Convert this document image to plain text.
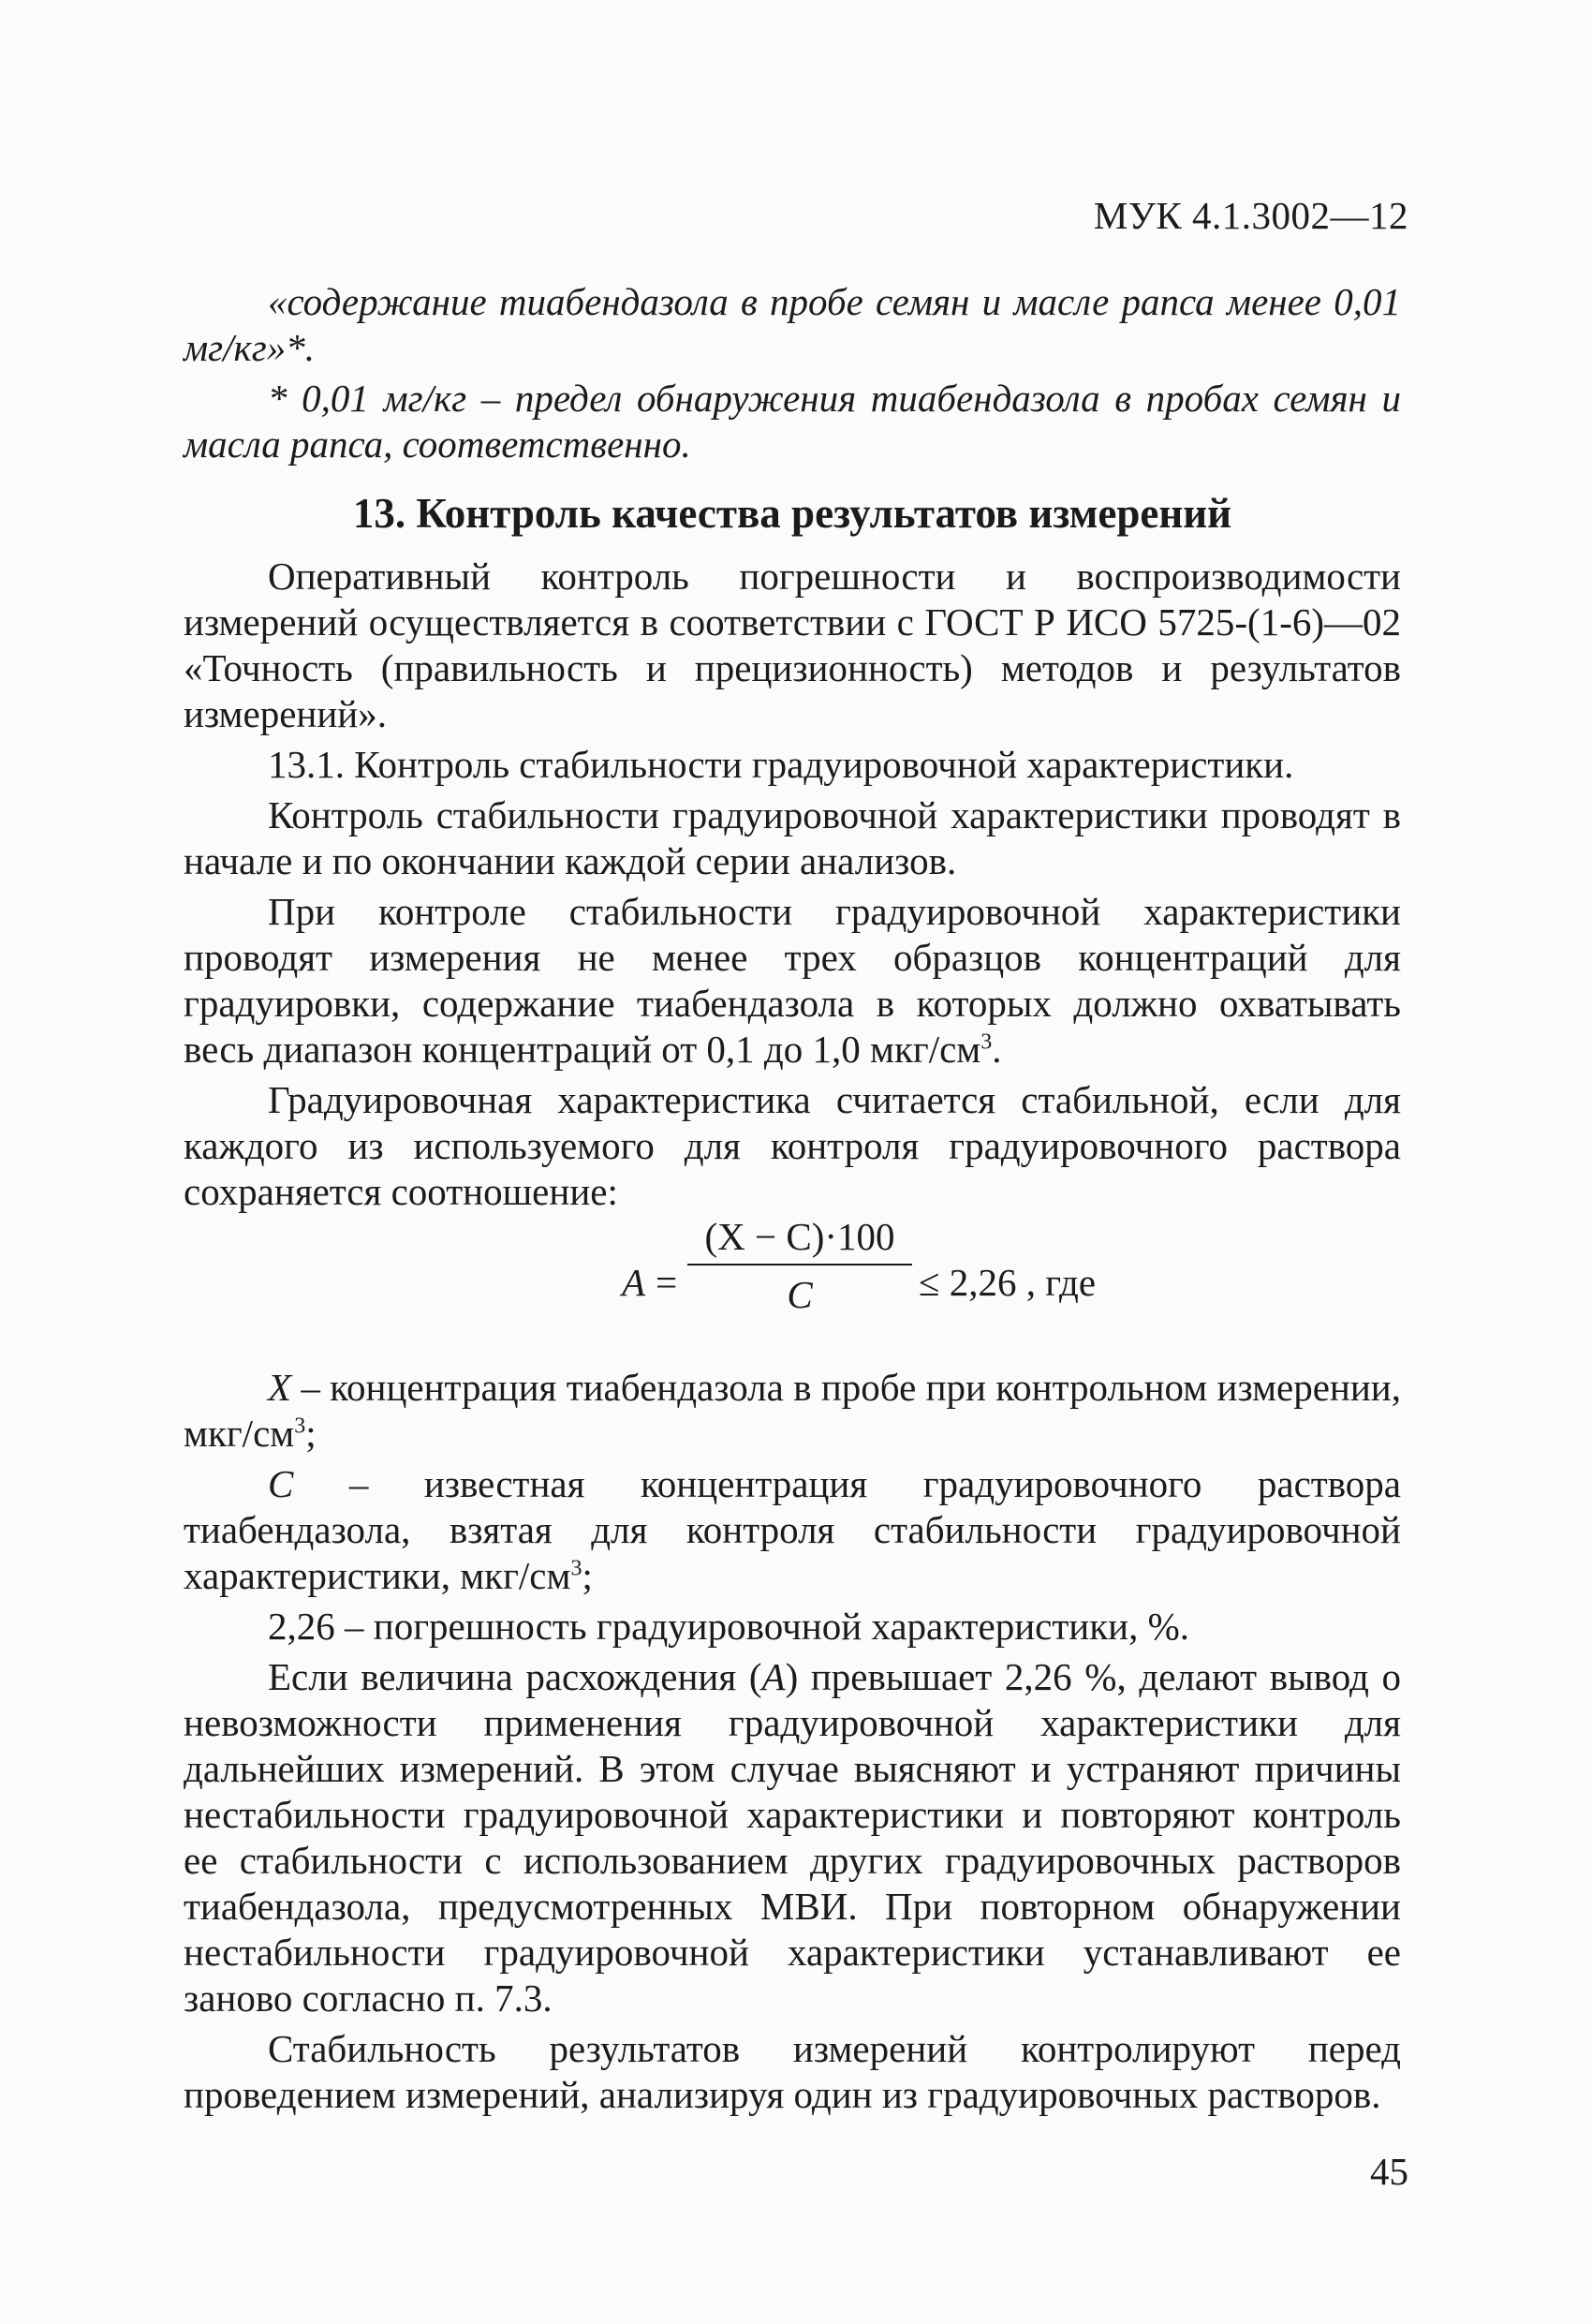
МУК 4.1.3002—12

«содержание тиабендазола в пробе семян и масле рапса менее 0,01 мг/кг»*.

* 0,01 мг/кг – предел обнаружения тиабендазола в пробах семян и масла рапса, соответственно.

13. Контроль качества результатов измерений

Оперативный контроль погрешности и воспроизводимости измерений осуществляется в соответствии с ГОСТ Р ИСО 5725-(1-6)—02 «Точность (правильность и прецизионность) методов и результатов измерений».

13.1. Контроль стабильности градуировочной характеристики.

Контроль стабильности градуировочной характеристики проводят в начале и по окончании каждой серии анализов.

При контроле стабильности градуировочной характеристики проводят измерения не менее трех образцов концентраций для градуировки, содержание тиабендазола в которых должно охватывать весь диапазон концентраций от 0,1 до 1,0 мкг/$см^3$.

Градуировочная характеристика считается стабильной, если для каждого из используемого для контроля градуировочного раствора сохраняется соотношение:

A =
(X − C)·100
C	≤ 2,26 , где

X – концентрация тиабендазола в пробе при контрольном измерении, мкг/$см^3$;

C – известная концентрация градуировочного раствора тиабендазола, взятая для контроля стабильности градуировочной характеристики, мкг/$см^3$;

2,26 – погрешность градуировочной характеристики, %.

Если величина расхождения (A) превышает 2,26 %, делают вывод о невозможности применения градуировочной характеристики для дальнейших измерений. В этом случае выясняют и устраняют причины нестабильности градуировочной характеристики и повторяют контроль ее стабильности с использованием других градуировочных растворов тиабендазола, предусмотренных МВИ. При повторном обнаружении нестабильности градуировочной характеристики устанавливают ее заново согласно п. 7.3.

Стабильность результатов измерений контролируют перед проведением измерений, анализируя один из градуировочных растворов.

45
